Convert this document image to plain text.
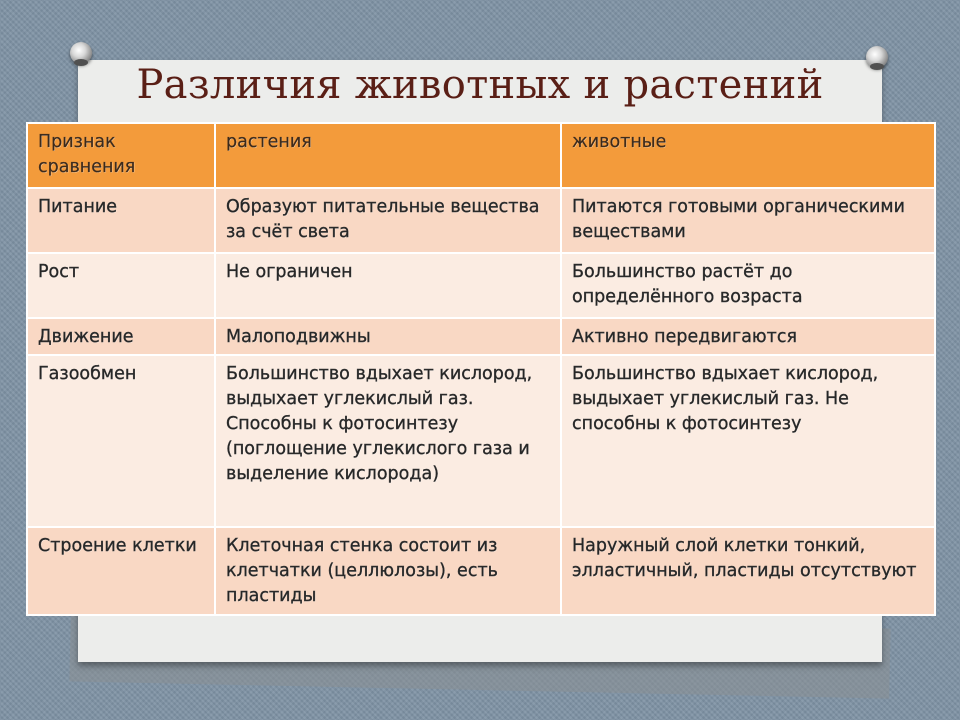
Различия животных и растений
Признак сравнения	растения	животные
Питание	Образуют питательные вещества за счёт света	Питаются готовыми органическими веществами
Рост	Не ограничен	Большинство растёт до определённого возраста
Движение	Малоподвижны	Активно передвигаются
Газообмен	Большинство вдыхает кислород, выдыхает углекислый газ. Способны к фотосинтезу (поглощение углекислого газа и выделение кислорода)	Большинство вдыхает кислород, выдыхает углекислый газ. Не способны к фотосинтезу
Строение клетки	Клеточная стенка состоит из клетчатки (целлюлозы), есть пластиды	Наружный слой клетки тонкий, элластичный, пластиды отсутствуют
